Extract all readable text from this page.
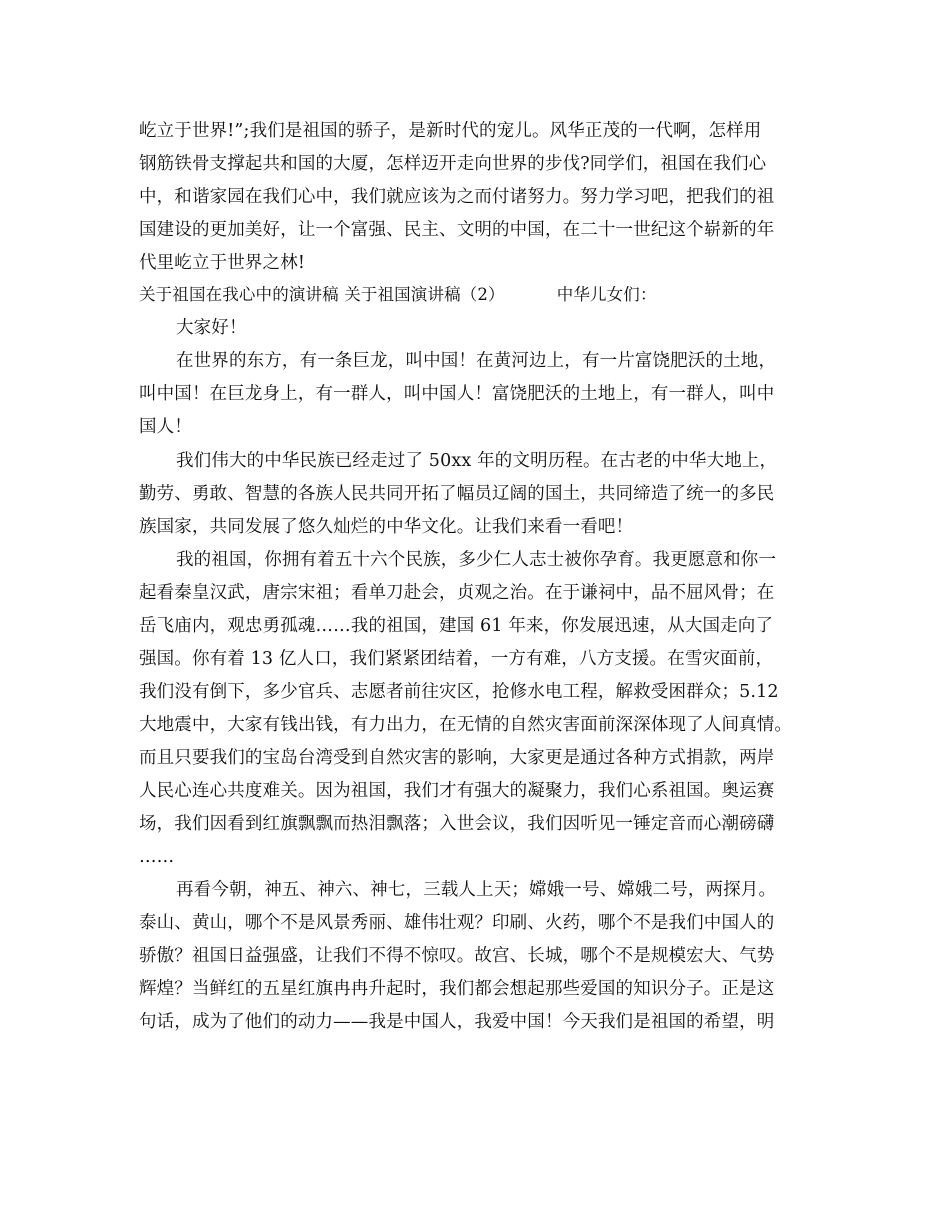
屹立于世界!”;我们是祖国的骄子，是新时代的宠儿。风华正茂的一代啊，怎样用
钢筋铁骨支撑起共和国的大厦，怎样迈开走向世界的步伐?同学们，祖国在我们心
中，和谐家园在我们心中，我们就应该为之而付诸努力。努力学习吧，把我们的祖
国建设的更加美好，让一个富强、民主、文明的中国，在二十一世纪这个崭新的年
代里屹立于世界之林!
关于祖国在我心中的演讲稿 关于祖国演讲稿（2）	中华儿女们：
大家好！
在世界的东方，有一条巨龙，叫中国！在黄河边上，有一片富饶肥沃的土地，
叫中国！在巨龙身上，有一群人，叫中国人！富饶肥沃的土地上，有一群人，叫中
国人！
我们伟大的中华民族已经走过了 50xx 年的文明历程。在古老的中华大地上，
勤劳、勇敢、智慧的各族人民共同开拓了幅员辽阔的国土，共同缔造了统一的多民
族国家，共同发展了悠久灿烂的中华文化。让我们来看一看吧！
我的祖国，你拥有着五十六个民族，多少仁人志士被你孕育。我更愿意和你一
起看秦皇汉武，唐宗宋祖；看单刀赴会，贞观之治。在于谦祠中，品不屈风骨；在
岳飞庙内，观忠勇孤魂……我的祖国，建国 61 年来，你发展迅速，从大国走向了
强国。你有着 13 亿人口，我们紧紧团结着，一方有难，八方支援。在雪灾面前，
我们没有倒下，多少官兵、志愿者前往灾区，抢修水电工程，解救受困群众；5.12
大地震中，大家有钱出钱，有力出力，在无情的自然灾害面前深深体现了人间真情。
而且只要我们的宝岛台湾受到自然灾害的影响，大家更是通过各种方式捐款，两岸
人民心连心共度难关。因为祖国，我们才有强大的凝聚力，我们心系祖国。奥运赛
场，我们因看到红旗飘飘而热泪飘落；入世会议，我们因听见一锤定音而心潮磅礴
……
再看今朝，神五、神六、神七，三载人上天；嫦娥一号、嫦娥二号，两探月。
泰山、黄山，哪个不是风景秀丽、雄伟壮观？印刷、火药，哪个不是我们中国人的
骄傲？祖国日益强盛，让我们不得不惊叹。故宫、长城，哪个不是规模宏大、气势
辉煌？当鲜红的五星红旗冉冉升起时，我们都会想起那些爱国的知识分子。正是这
句话，成为了他们的动力——我是中国人，我爱中国！今天我们是祖国的希望，明
